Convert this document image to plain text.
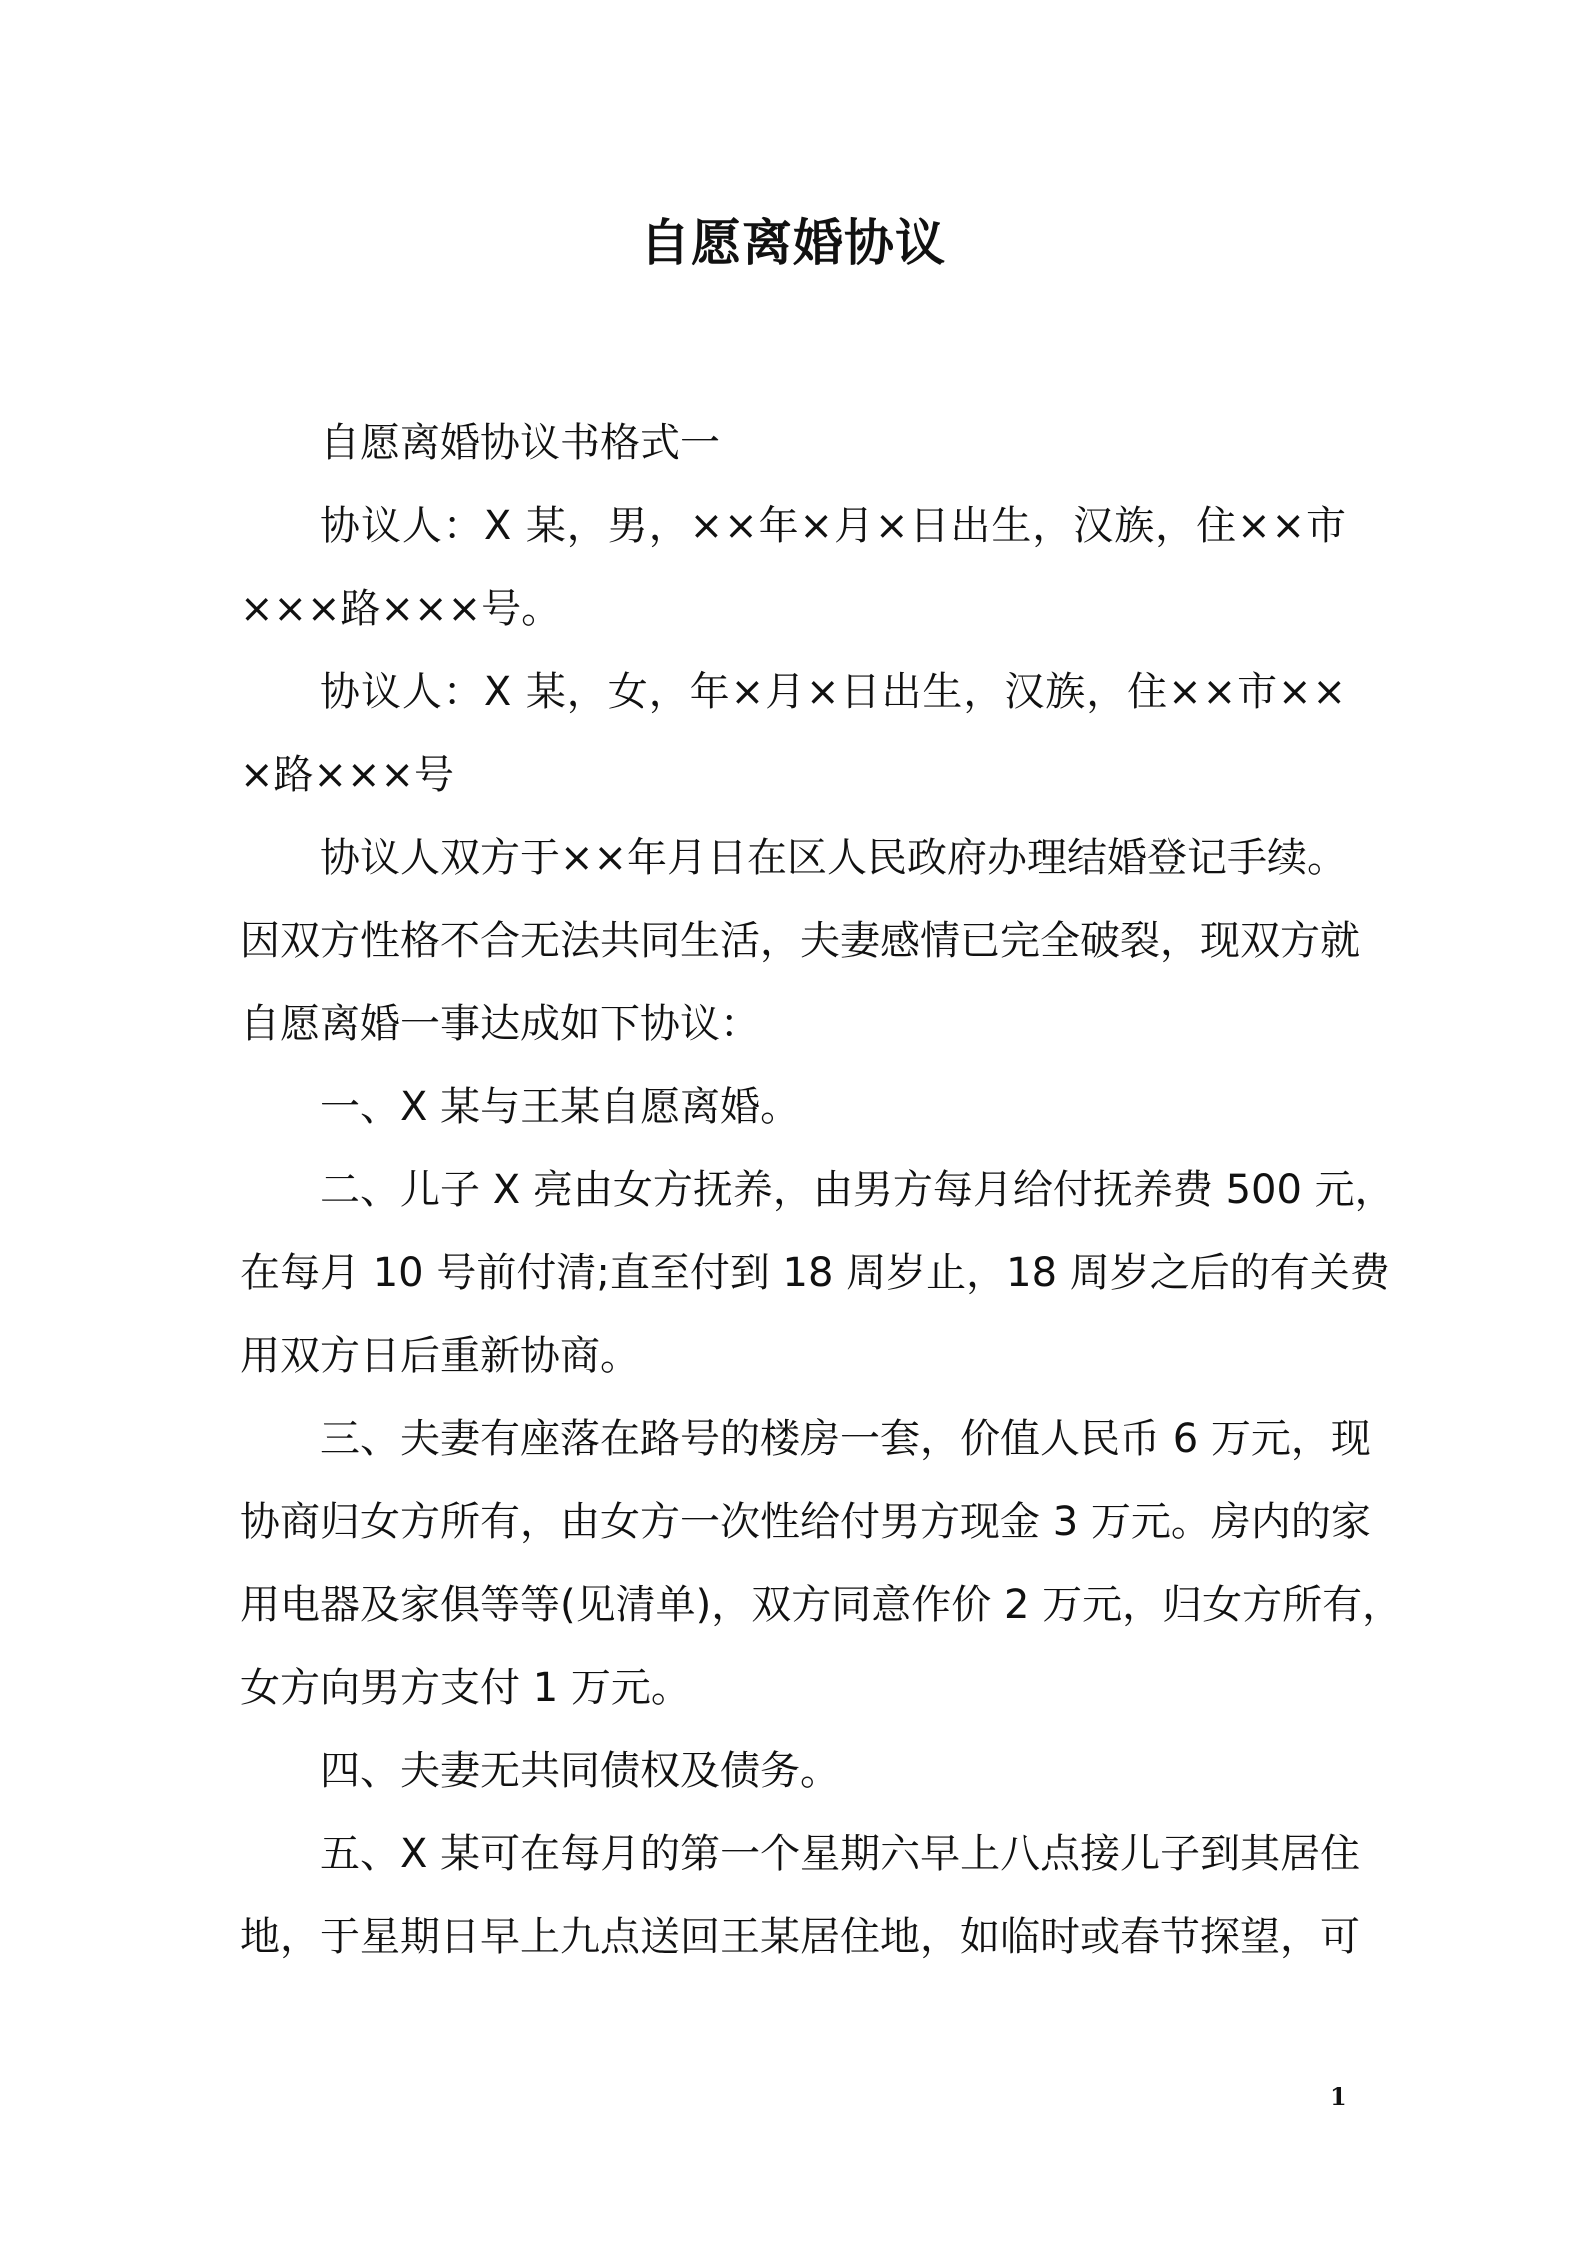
自愿离婚协议
自愿离婚协议书格式一
协 议 人 ： X
某 ， 男 ， × × 年 × 月 × 日 出 生 ， 汉 族 ， 住 × × 市
×××路×××号。
协 议 人 ： X
某 ， 女 ， 年 × 月 × 日 出 生 ， 汉 族 ， 住 × × 市 × ×
×路×××号
协 议 人 双 方 于 × × 年 月 日 在 区 人 民 政 府 办 理 结 婚 登 记 手 续 。
因 双 方 性 格 不 合 无 法 共 同 生 活 ， 夫 妻 感 情 已 完 全 破 裂 ， 现 双 方 就
自愿离婚一事达成如下协议：
一、X 某与王某自愿离婚。
二 、 儿 子
X
亮 由 女 方 抚 养 ， 由 男 方 每 月 给 付 抚 养 费
5 0 0
元 ，
在 每 月
1 0
号 前 付 清 ; 直 至 付 到
1 8
周 岁 止 ， 1 8
周 岁 之 后 的 有 关 费
用双方日后重新协商。
三 、 夫 妻 有 座 落 在 路 号 的 楼 房 一 套 ， 价 值 人 民 币
6
万 元 ， 现
协 商 归 女 方 所 有 ， 由 女 方 一 次 性 给 付 男 方 现 金
3
万 元 。 房 内 的 家
用 电 器 及 家 俱 等 等 ( 见 清 单 ) ， 双 方 同 意 作 价
2
万 元 ， 归 女 方 所 有 ，
女方向男方支付 1 万元。
四、夫妻无共同债权及债务。
五 、 X
某 可 在 每 月 的 第 一 个 星 期 六 早 上 八 点 接 儿 子 到 其 居 住
地 ， 于 星 期 日 早 上 九 点 送 回 王 某 居 住 地 ， 如 临 时 或 春 节 探 望 ， 可
1
